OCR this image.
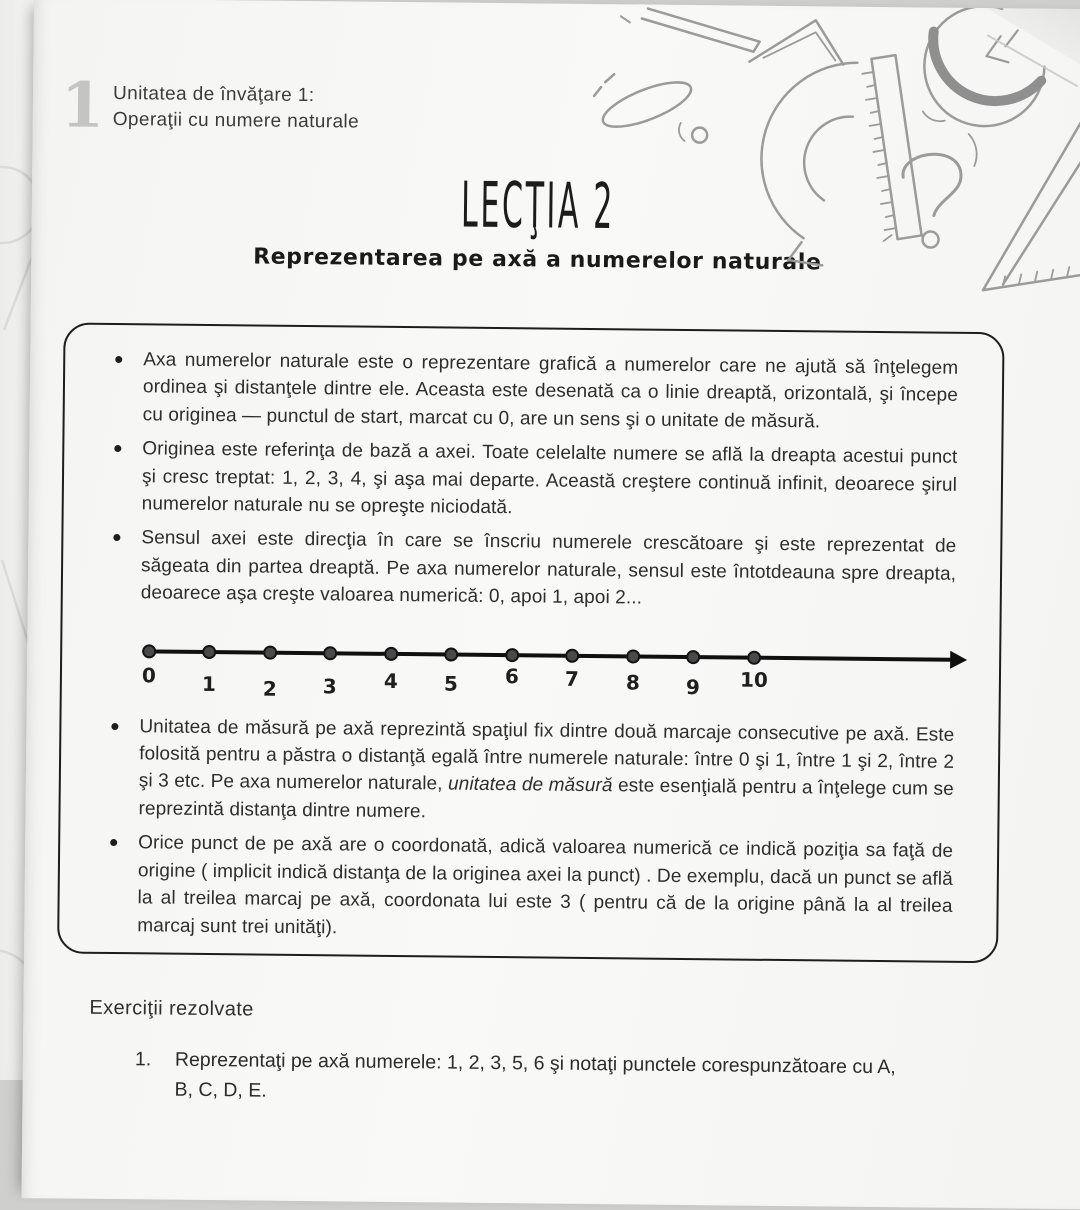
1 Unitatea de învăţare 1:
Operaţii cu numere naturale
LECŢIA 2
Reprezentarea pe axă a numerelor naturale
Axa numerelor naturale este o reprezentare grafică a numerelor care ne ajută să înţelegem ordinea şi distanţele dintre ele. Aceasta este desenată ca o linie dreaptă, orizontală, şi începe cu originea — punctul de start, marcat cu 0, are un sens şi o unitate de măsură.
Originea este referinţa de bază a axei. Toate celelalte numere se află la dreapta acestui punct şi cresc treptat: 1, 2, 3, 4, şi aşa mai departe. Această creştere continuă infinit, deoarece şirul numerelor naturale nu se opreşte niciodată.
Sensul axei este direcţia în care se înscriu numerele crescătoare şi este reprezentat de săgeata din partea dreaptă. Pe axa numerelor naturale, sensul este întotdeauna spre dreapta, deoarece aşa creşte valoarea numerică: 0, apoi 1, apoi 2...
0 1 2 3 4 5 6 7 8 9 10
Unitatea de măsură pe axă reprezintă spaţiul fix dintre două marcaje consecutive pe axă. Este folosită pentru a păstra o distanţă egală între numerele naturale: între 0 şi 1, între 1 şi 2, între 2 şi 3 etc. Pe axa numerelor naturale, unitatea de măsură este esenţială pentru a înţelege cum se reprezintă distanţa dintre numere.
Orice punct de pe axă are o coordonată, adică valoarea numerică ce indică poziţia sa faţă de origine ( implicit indică distanţa de la originea axei la punct) . De exemplu, dacă un punct se află la al treilea marcaj pe axă, coordonata lui este 3 ( pentru că de la origine până la al treilea marcaj sunt trei unităţi).
Exerciţii rezolvate
1.	Reprezentaţi pe axă numerele: 1, 2, 3, 5, 6 şi notaţi punctele corespunzătoare cu A,
B, C, D, E.
